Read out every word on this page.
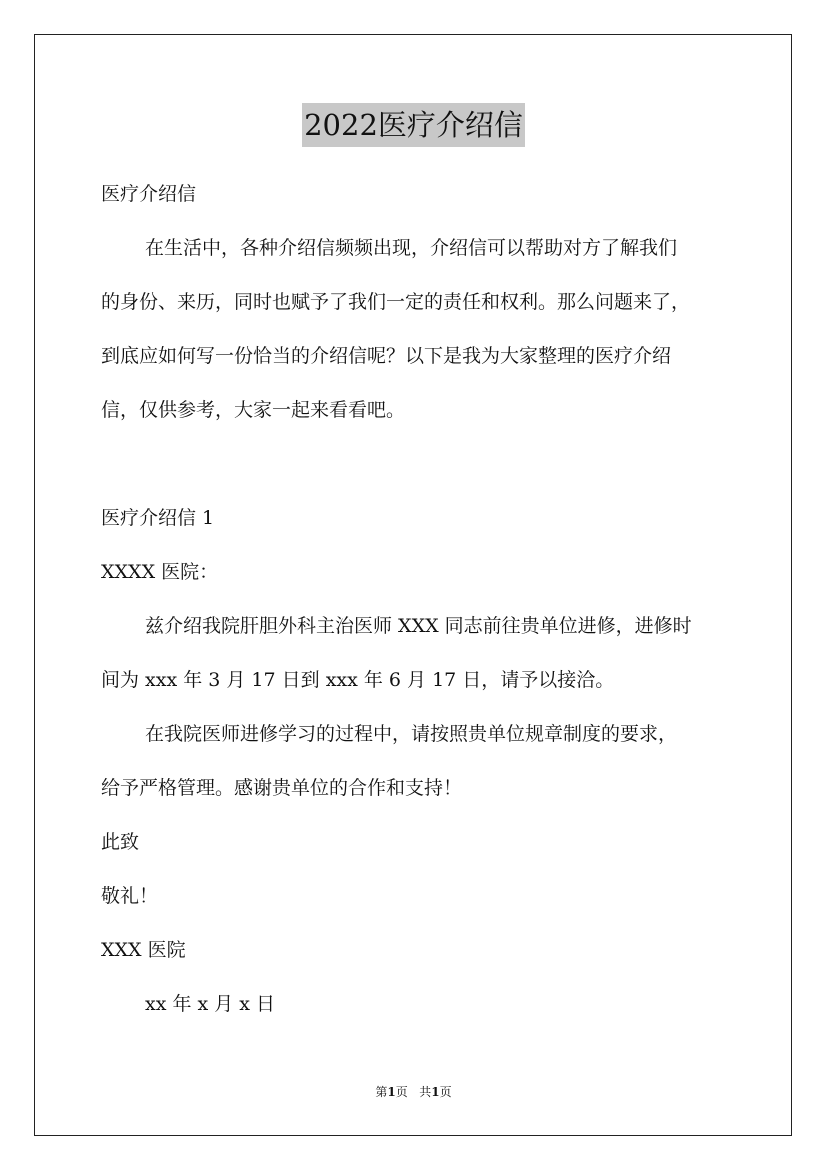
2022医疗介绍信
医疗介绍信
在生活中，各种介绍信频频出现，介绍信可以帮助对方了解我们
的身份、来历，同时也赋予了我们一定的责任和权利。那么问题来了，
到底应如何写一份恰当的介绍信呢？以下是我为大家整理的医疗介绍
信，仅供参考，大家一起来看看吧。
医疗介绍信 1
XXXX 医院：
兹介绍我院肝胆外科主治医师 XXX 同志前往贵单位进修，进修时
间为 xxx 年 3 月 17 日到 xxx 年 6 月 17 日，请予以接洽。
在我院医师进修学习的过程中，请按照贵单位规章制度的要求，
给予严格管理。感谢贵单位的合作和支持！
此致
敬礼！
XXX 医院
xx 年 x 月 x 日
第1页 共1页
